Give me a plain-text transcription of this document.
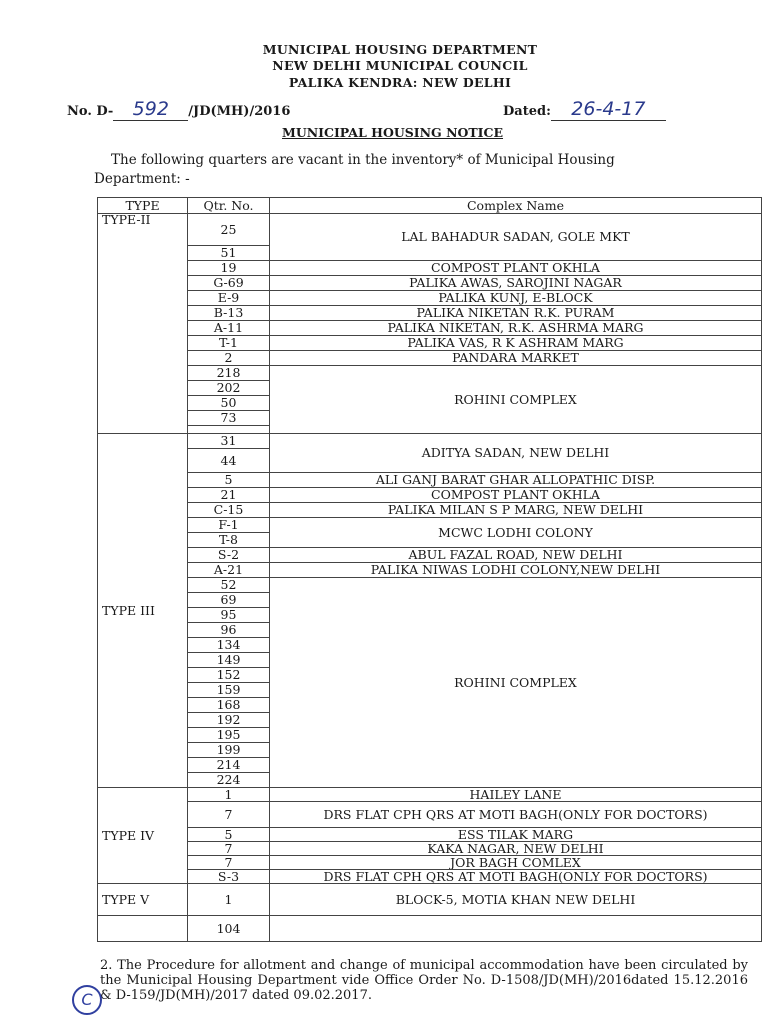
MUNICIPAL HOUSING DEPARTMENT
NEW DELHI MUNICIPAL COUNCIL
PALIKA KENDRA: NEW DELHI
No. D- 592 /JD(MH)/2016	Dated: 26-4-17
MUNICIPAL HOUSING NOTICE
The following quarters are vacant in the inventory* of Municipal Housing Department: -
TYPE	Qtr. No.	Complex Name
TYPE-II	25	LAL BAHADUR SADAN, GOLE MKT
	51	
	19	COMPOST PLANT OKHLA
	G-69	PALIKA AWAS, SAROJINI NAGAR
	E-9	PALIKA KUNJ, E-BLOCK
	B-13	PALIKA NIKETAN R.K. PURAM
	A-11	PALIKA NIKETAN, R.K. ASHRMA MARG
	T-1	PALIKA VAS, R K ASHRAM MARG
	2	PANDARA MARKET
	218	ROHINI COMPLEX
	202	
	50	
	73	

TYPE III	31	ADITYA SADAN, NEW DELHI
	44	
	5	ALI GANJ BARAT GHAR ALLOPATHIC DISP.
	21	COMPOST PLANT OKHLA
	C-15	PALIKA MILAN S P MARG, NEW DELHI
	F-1	MCWC LODHI COLONY
	T-8	
	S-2	ABUL FAZAL ROAD, NEW DELHI
	A-21	PALIKA NIWAS LODHI COLONY,NEW DELHI
	52	ROHINI COMPLEX
	69	
	95	
	96	
	134	
	149	
	152	
	159	
	168	
	192	
	195	
	199	
	214	
	224	
TYPE IV	1	HAILEY LANE
	7	DRS FLAT CPH QRS AT MOTI BAGH(ONLY FOR DOCTORS)
	5	ESS TILAK MARG
	7	KAKA NAGAR, NEW DELHI
	7	JOR BAGH COMLEX
	S-3	DRS FLAT CPH QRS AT MOTI BAGH(ONLY FOR DOCTORS)
TYPE V	1	BLOCK-5, MOTIA KHAN NEW DELHI
	104	
2. The Procedure for allotment and change of municipal accommodation have been circulated by the Municipal Housing Department vide Office Order No. D-1508/JD(MH)/2016dated 15.12.2016 & D-159/JD(MH)/2017 dated 09.02.2017.
C
